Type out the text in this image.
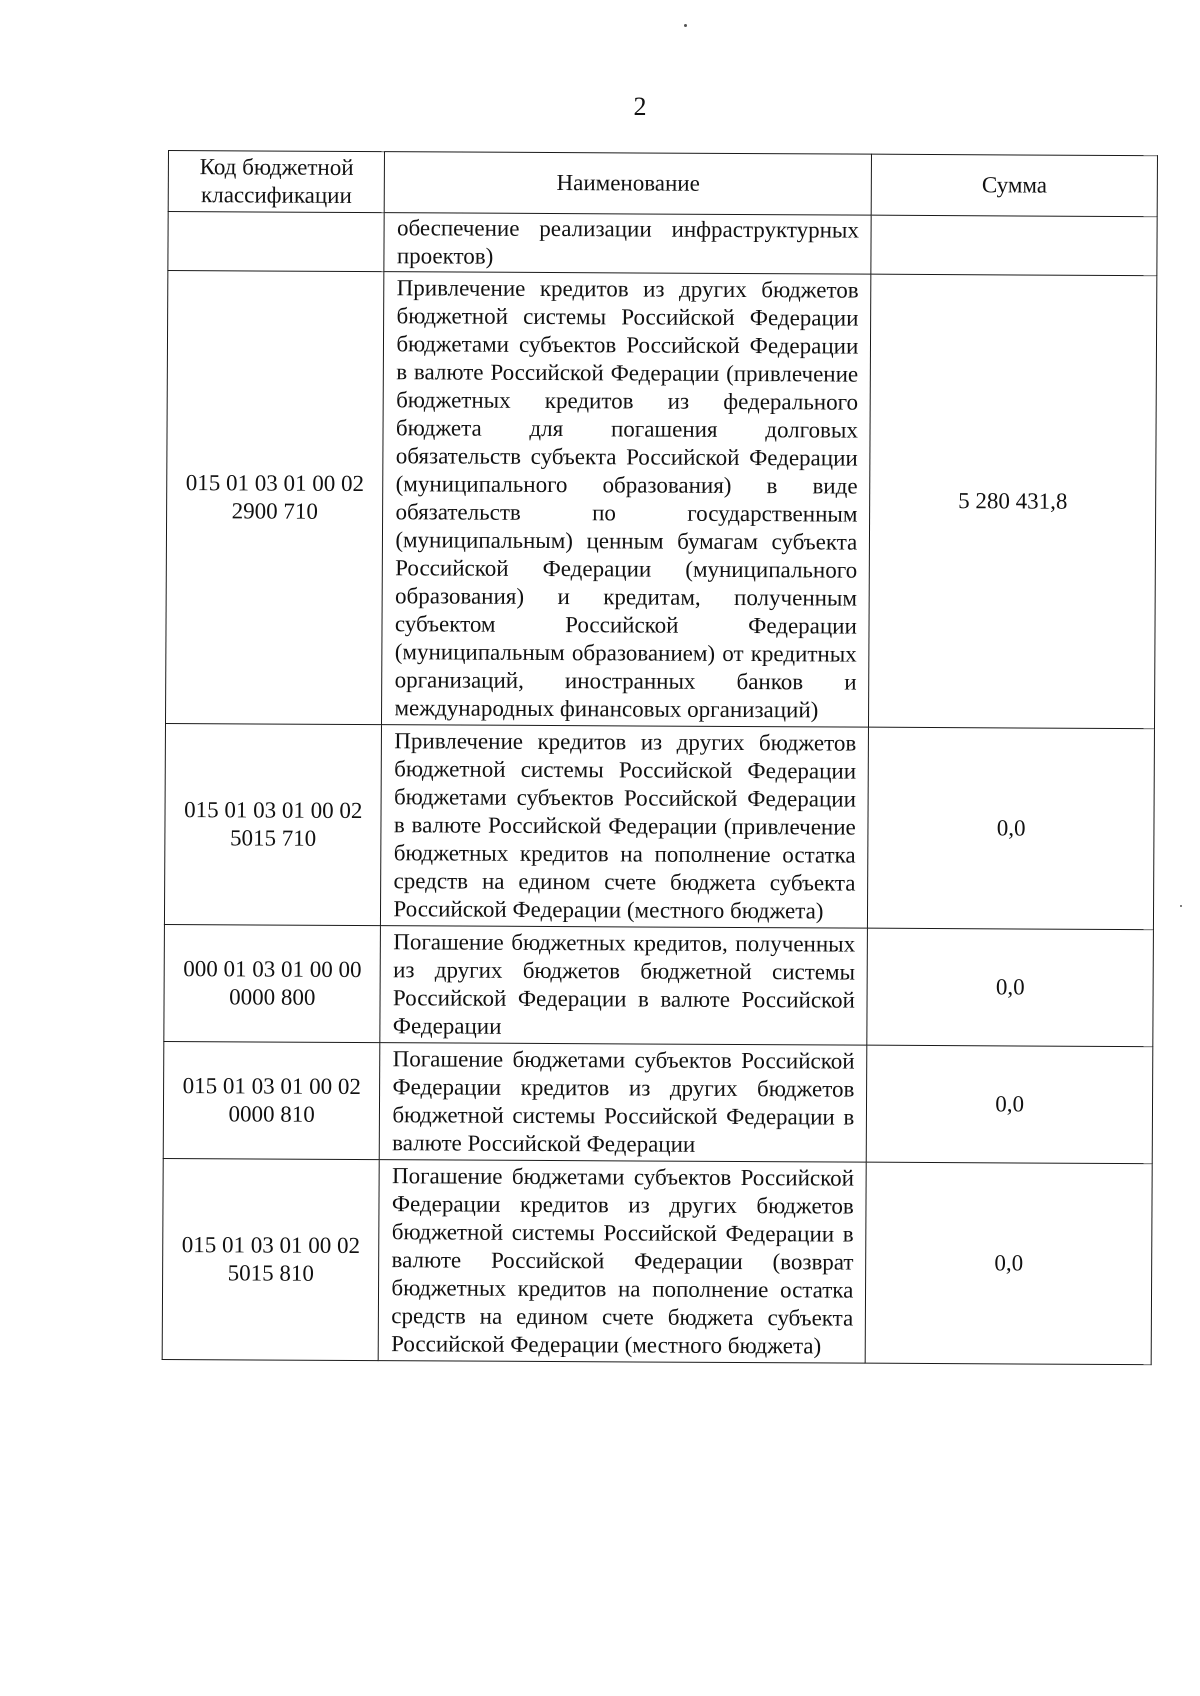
2
Код бюджетной классификации	Наименование	Сумма
	обеспечение реализации инфраструктурных проектов)	
015 01 03 01 00 02 2900 710	Привлечение кредитов из других бюджетов бюджетной системы Российской Федерации бюджетами субъектов Российской Федерации в валюте Российской Федерации (привлечение бюджетных кредитов из федерального бюджета для погашения долговых обязательств субъекта Российской Федерации (муниципального образования) в виде обязательств по государственным (муниципальным) ценным бумагам субъекта Российской Федерации (муниципального образования) и кредитам, полученным субъектом Российской Федерации (муниципальным образованием) от кредитных организаций, иностранных банков и международных финансовых организаций)	5 280 431,8
015 01 03 01 00 02 5015 710	Привлечение кредитов из других бюджетов бюджетной системы Российской Федерации бюджетами субъектов Российской Федерации в валюте Российской Федерации (привлечение бюджетных кредитов на пополнение остатка средств на едином счете бюджета субъекта Российской Федерации (местного бюджета)	0,0
000 01 03 01 00 00 0000 800	Погашение бюджетных кредитов, полученных из других бюджетов бюджетной системы Российской Федерации в валюте Российской Федерации	0,0
015 01 03 01 00 02 0000 810	Погашение бюджетами субъектов Российской Федерации кредитов из других бюджетов бюджетной системы Российской Федерации в валюте Российской Федерации	0,0
015 01 03 01 00 02 5015 810	Погашение бюджетами субъектов Российской Федерации кредитов из других бюджетов бюджетной системы Российской Федерации в валюте Российской Федерации (возврат бюджетных кредитов на пополнение остатка средств на едином счете бюджета субъекта Российской Федерации (местного бюджета)	0,0
